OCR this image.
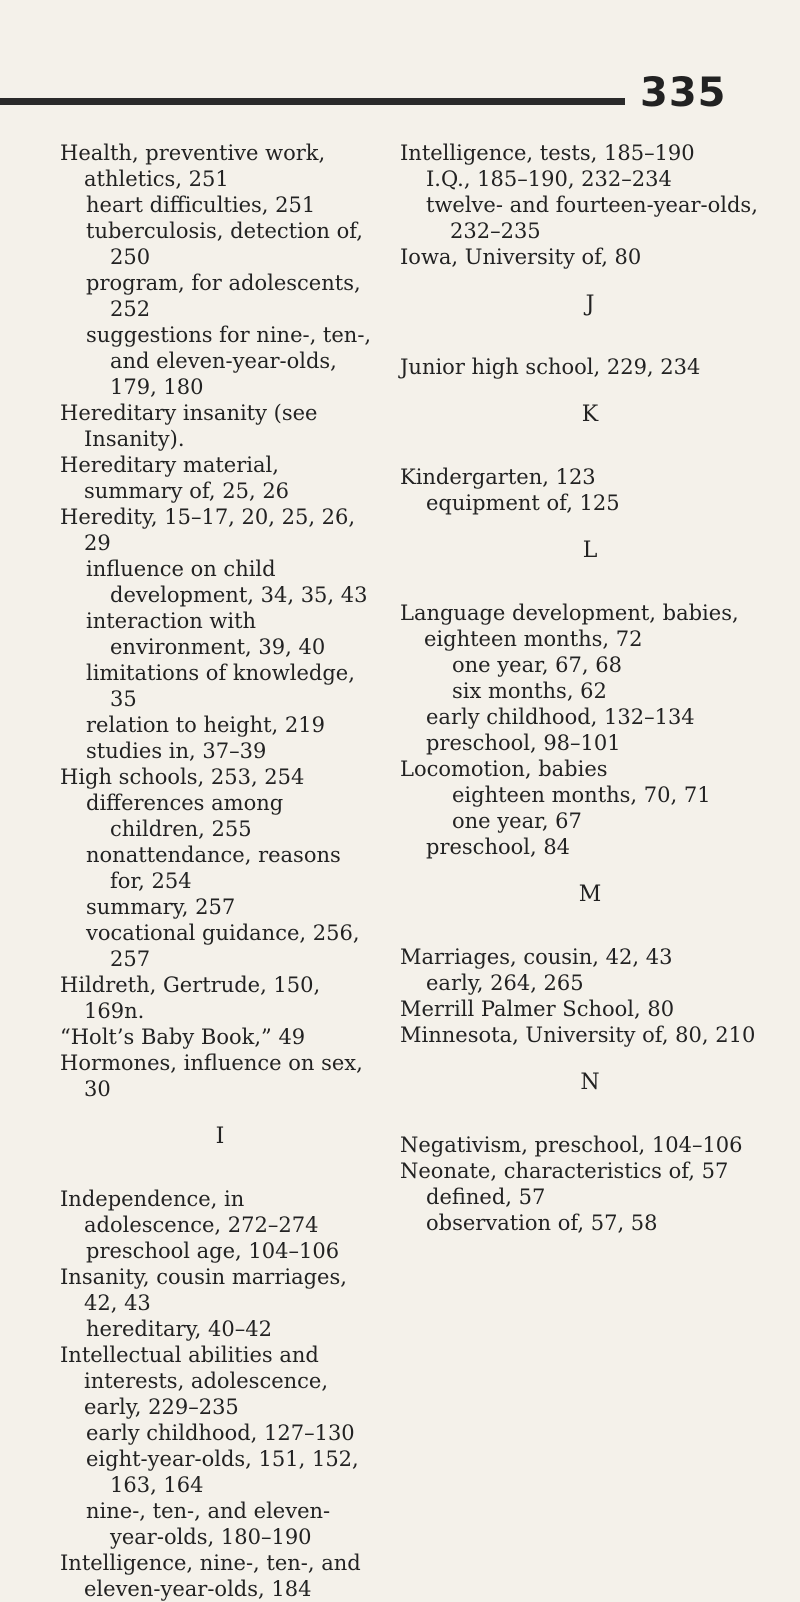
335

Health, preventive work, athletics, 251

heart difficulties, 251

tuberculosis, detection of, 250

program, for adolescents, 252

suggestions for nine-, ten-, and eleven-year-olds, 179, 180

Hereditary insanity (see Insanity).

Hereditary material, summary of, 25, 26

Heredity, 15–17, 20, 25, 26, 29

influence on child development, 34, 35, 43

interaction with environment, 39, 40

limitations of knowledge, 35

relation to height, 219

studies in, 37–39

High schools, 253, 254

differences among children, 255

nonattendance, reasons for, 254

summary, 257

vocational guidance, 256, 257

Hildreth, Gertrude, 150, 169n.

“Holt’s Baby Book,” 49

Hormones, influence on sex, 30

I

Independence, in adolescence, 272–274

preschool age, 104–106

Insanity, cousin marriages, 42, 43

hereditary, 40–42

Intellectual abilities and interests, adolescence, early, 229–235

early childhood, 127–130

eight-year-olds, 151, 152, 163, 164

nine-, ten-, and eleven-year-olds, 180–190

Intelligence, nine-, ten-, and eleven-year-olds, 184

Intelligence, tests, 185–190

I.Q., 185–190, 232–234

twelve- and fourteen-year-olds, 232–235

Iowa, University of, 80

J

Junior high school, 229, 234

K

Kindergarten, 123

equipment of, 125

L

Language development, babies, eighteen months, 72

one year, 67, 68

six months, 62

early childhood, 132–134

preschool, 98–101

Locomotion, babies

eighteen months, 70, 71

one year, 67

preschool, 84

M

Marriages, cousin, 42, 43

early, 264, 265

Merrill Palmer School, 80

Minnesota, University of, 80, 210

N

Negativism, preschool, 104–106

Neonate, characteristics of, 57

defined, 57

observation of, 57, 58
